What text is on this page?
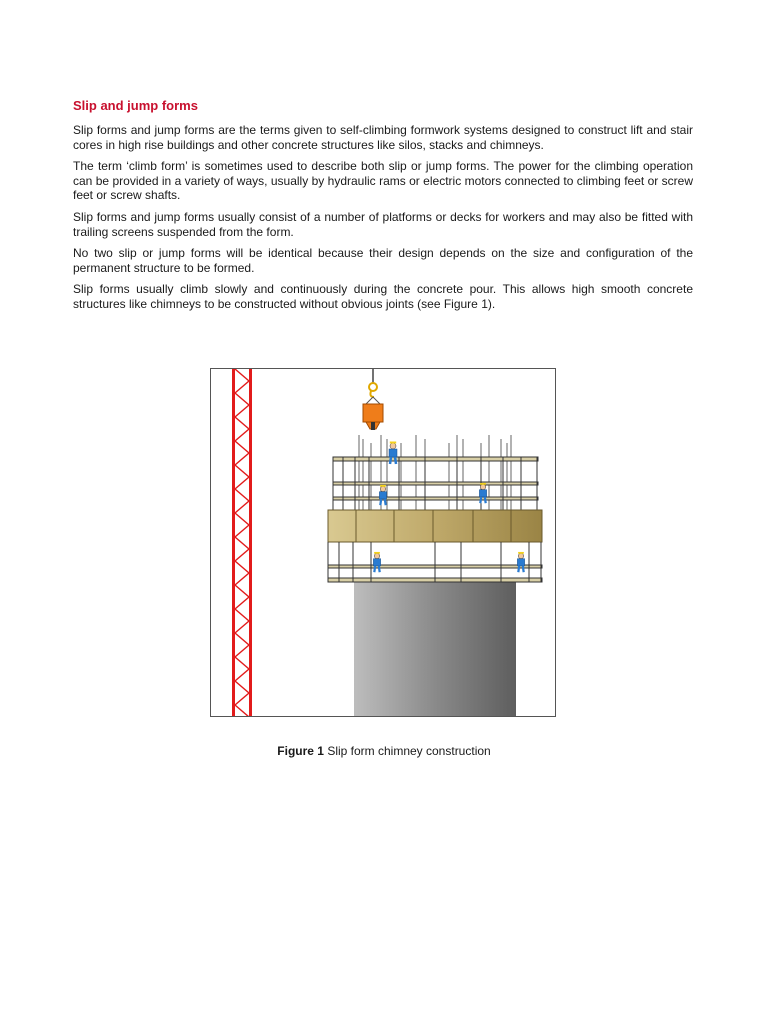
Slip and jump forms

Slip forms and jump forms are the terms given to self-climbing formwork systems designed to construct lift and stair cores in high rise buildings and other concrete structures like silos, stacks and chimneys.

The term ‘climb form’ is sometimes used to describe both slip or jump forms. The power for the climbing operation can be provided in a variety of ways, usually by hydraulic rams or electric motors connected to climbing feet or screw feet or screw shafts.

Slip forms and jump forms usually consist of a number of platforms or decks for workers and may also be fitted with trailing screens suspended from the form.

No two slip or jump forms will be identical because their design depends on the size and configuration of the permanent structure to be formed.

Slip forms usually climb slowly and continuously during the concrete pour. This allows high smooth concrete structures like chimneys to be constructed without obvious joints (see Figure 1).

Figure 1 Slip form chimney construction
